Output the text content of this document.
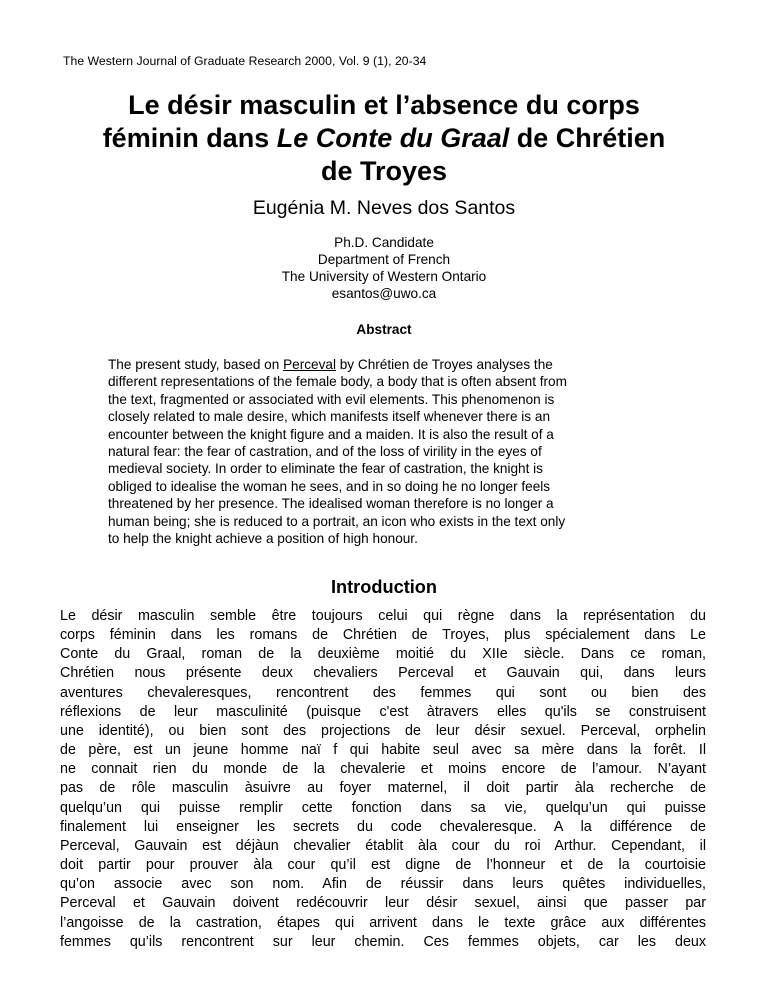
The Western Journal of Graduate Research 2000, Vol. 9 (1), 20-34
Le désir masculin et l’absence du corps
féminin dans Le Conte du Graal de Chrétien
de Troyes
Eugénia M. Neves dos Santos
Ph.D. Candidate
Department of French
The University of Western Ontario
esantos@uwo.ca
Abstract
The present study, based on Perceval by Chrétien de Troyes analyses the
different representations of the female body, a body that is often absent from
the text, fragmented or associated with evil elements. This phenomenon is
closely related to male desire, which manifests itself whenever there is an
encounter between the knight figure and a maiden. It is also the result of a
natural fear: the fear of castration, and of the loss of virility in the eyes of
medieval society. In order to eliminate the fear of castration, the knight is
obliged to idealise the woman he sees, and in so doing he no longer feels
threatened by her presence. The idealised woman therefore is no longer a
human being; she is reduced to a portrait, an icon who exists in the text only
to help the knight achieve a position of high honour.
Introduction
Le désir masculin semble être toujours celui qui règne dans la représentation du
corps féminin dans les romans de Chrétien de Troyes, plus spécialement dans Le
Conte du Graal, roman de la deuxième moitié du XIIe siècle. Dans ce roman,
Chrétien nous présente deux chevaliers Perceval et Gauvain qui, dans leurs
aventures chevaleresques, rencontrent des femmes qui sont ou bien des
réflexions de leur masculinité (puisque c'est àtravers elles qu'ils se construisent
une identité), ou bien sont des projections de leur désir sexuel. Perceval, orphelin
de père, est un jeune homme naï f qui habite seul avec sa mère dans la forêt. Il
ne connait rien du monde de la chevalerie et moins encore de l’amour. N’ayant
pas de rôle masculin àsuivre au foyer maternel, il doit partir àla recherche de
quelqu’un qui puisse remplir cette fonction dans sa vie, quelqu’un qui puisse
finalement lui enseigner les secrets du code chevaleresque. A la différence de
Perceval, Gauvain est déjàun chevalier établit àla cour du roi Arthur. Cependant, il
doit partir pour prouver àla cour qu’il est digne de l’honneur et de la courtoisie
qu’on associe avec son nom. Afin de réussir dans leurs quêtes individuelles,
Perceval et Gauvain doivent redécouvrir leur désir sexuel, ainsi que passer par
l’angoisse de la castration, étapes qui arrivent dans le texte grâce aux différentes
femmes qu’ils rencontrent sur leur chemin. Ces femmes objets, car les deux
